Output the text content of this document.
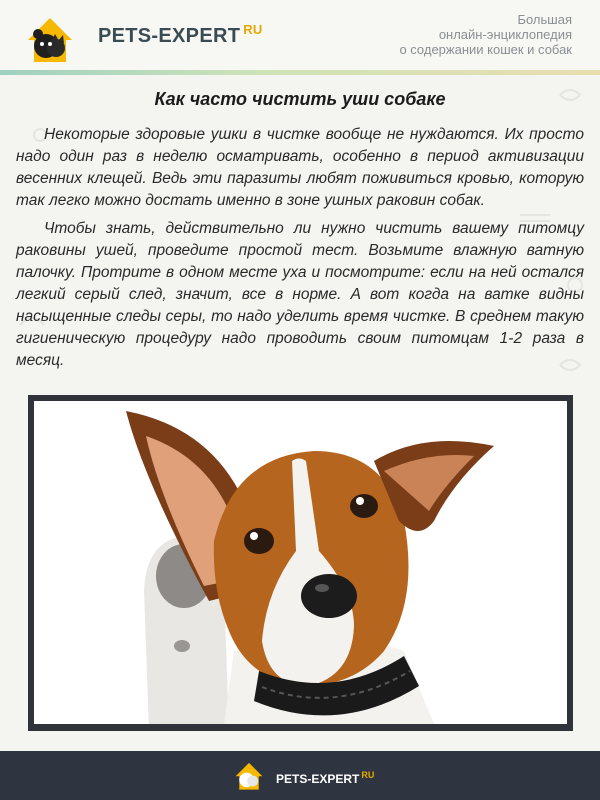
PETS-EXPERT $^{RU}$
Большая
онлайн-энциклопедия
о содержании кошек и собак
Как часто чистить уши собаке

Некоторые здоровые ушки в чистке вообще не нуждаются. Их просто надо один раз в неделю осматривать, особенно в период активизации весенних клещей. Ведь эти паразиты любят поживиться кровью, которую так легко можно достать именно в зоне ушных раковин собак.

Чтобы знать, действительно ли нужно чистить вашему питомцу раковины ушей, проведите простой тест. Возьмите влажную ватную палочку. Протрите в одном месте уха и посмотрите: если на ней остался легкий серый след, значит, все в норме. А вот когда на ватке видны насыщенные следы серы, то надо уделить время чистке. В среднем такую гигиеническую процедуру надо проводить своим питомцам 1-2 раза в месяц.

PETS-EXPERT $^{RU}$
